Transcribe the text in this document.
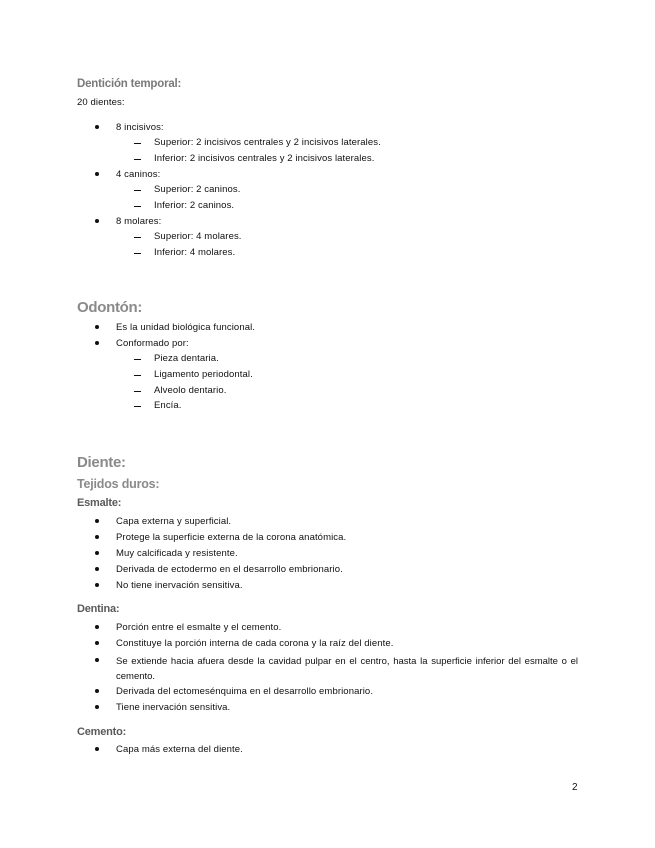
Dentición temporal:
20 dientes:
8 incisivos:
Superior: 2 incisivos centrales y 2 incisivos laterales.
Inferior: 2 incisivos centrales y 2 incisivos laterales.
4 caninos:
Superior: 2 caninos.
Inferior: 2 caninos.
8 molares:
Superior: 4 molares.
Inferior: 4 molares.
Odontón:
Es la unidad biológica funcional.
Conformado por:
Pieza dentaria.
Ligamento periodontal.
Alveolo dentario.
Encía.
Diente:
Tejidos duros:
Esmalte:
Capa externa y superficial.
Protege la superficie externa de la corona anatómica.
Muy calcificada y resistente.
Derivada de ectodermo en el desarrollo embrionario.
No tiene inervación sensitiva.
Dentina:
Porción entre el esmalte y el cemento.
Constituye la porción interna de cada corona y la raíz del diente.
Se extiende hacia afuera desde la cavidad pulpar en el centro, hasta la superficie inferior del esmalte o el cemento.
Derivada del ectomesénquima en el desarrollo embrionario.
Tiene inervación sensitiva.
Cemento:
Capa más externa del diente.
2
